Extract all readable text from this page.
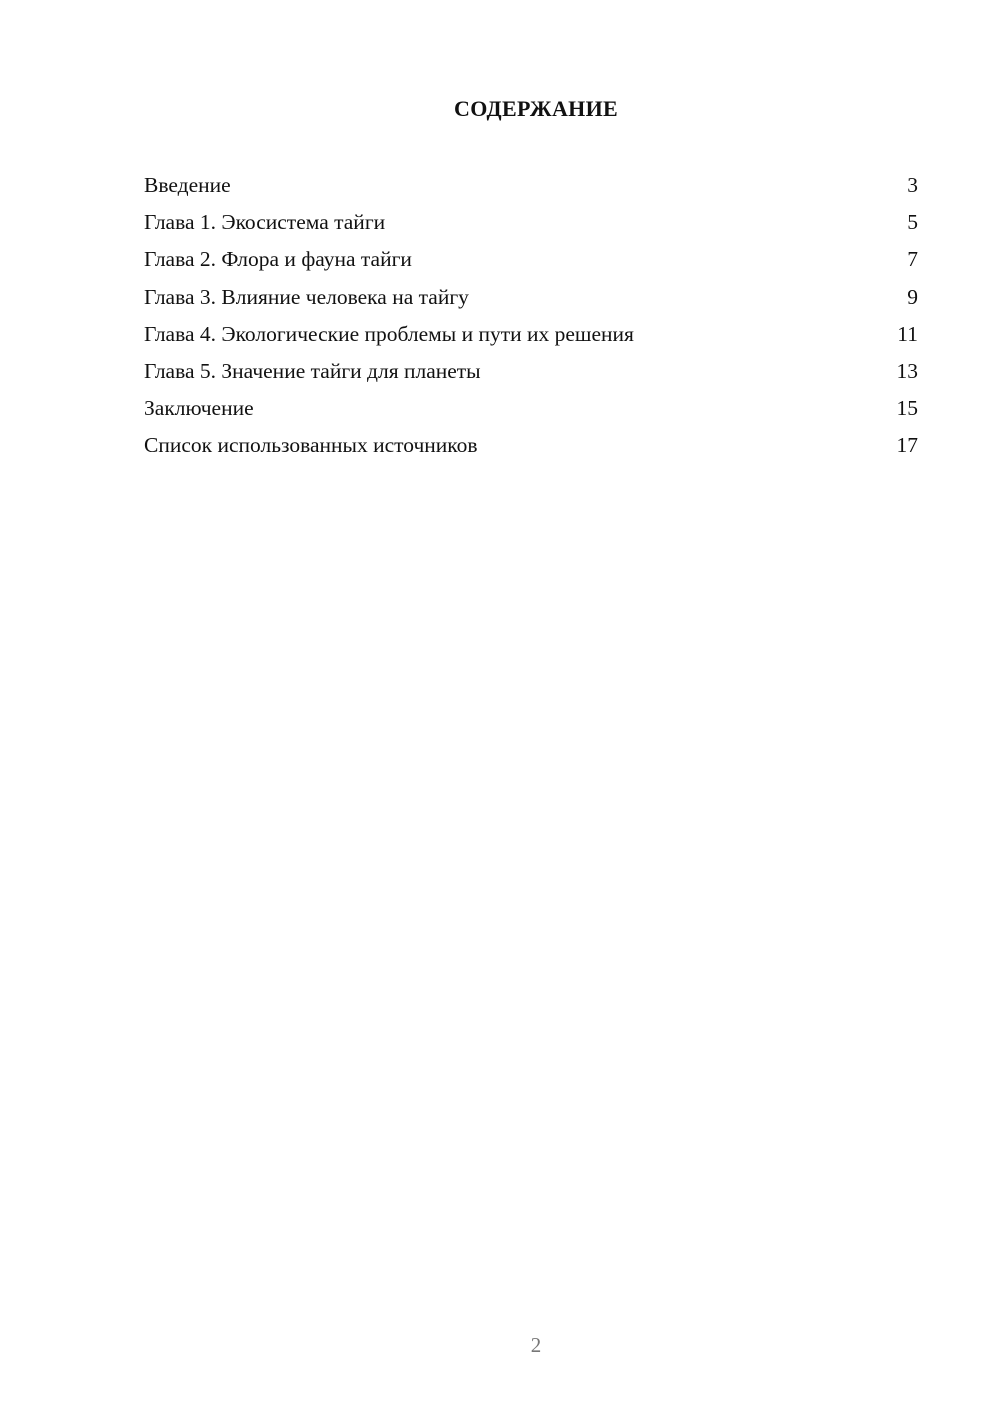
СОДЕРЖАНИЕ
Введение	3
Глава 1. Экосистема тайги	5
Глава 2. Флора и фауна тайги	7
Глава 3. Влияние человека на тайгу	9
Глава 4. Экологические проблемы и пути их решения	11
Глава 5. Значение тайги для планеты	13
Заключение	15
Список использованных источников	17
2
